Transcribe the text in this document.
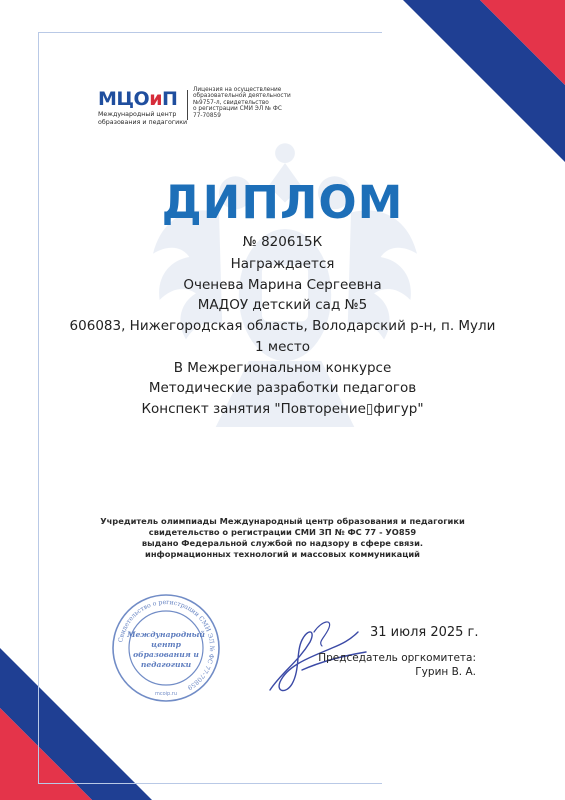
МЦОиП
Международный центр
образования и педагогики
Лицензия на осуществление
образовательной деятельности
№9757-л, свидетельство
о регистрации СМИ ЭЛ № ФС
77-70859
ДИПЛОМ
№ 820615К
Награждается
Оченева Марина Сергеевна
МАДОУ детский сад №5
606083, Нижегородская область, Володарский р-н, п. Мули
1 место
В Межрегиональном конкурсе
Методические разработки педагогов
Конспект занятия "Повторение▯фигур"
Учредитель олимпиады Международный центр образования и педагогики
свидетельство о регистрации СМИ ЗП № ФС 77 - УО859
выдано Федеральной службой по надзору в сфере связи.
информационных технологий и массовых коммуникаций
Свидетельство о регистрации СМИ ЭЛ № ФС 77-70859
Международный
центр
образования и
педагогики
mcoip.ru
31 июля 2025 г.
Председатель оргкомитета:
Гурин В. А.
